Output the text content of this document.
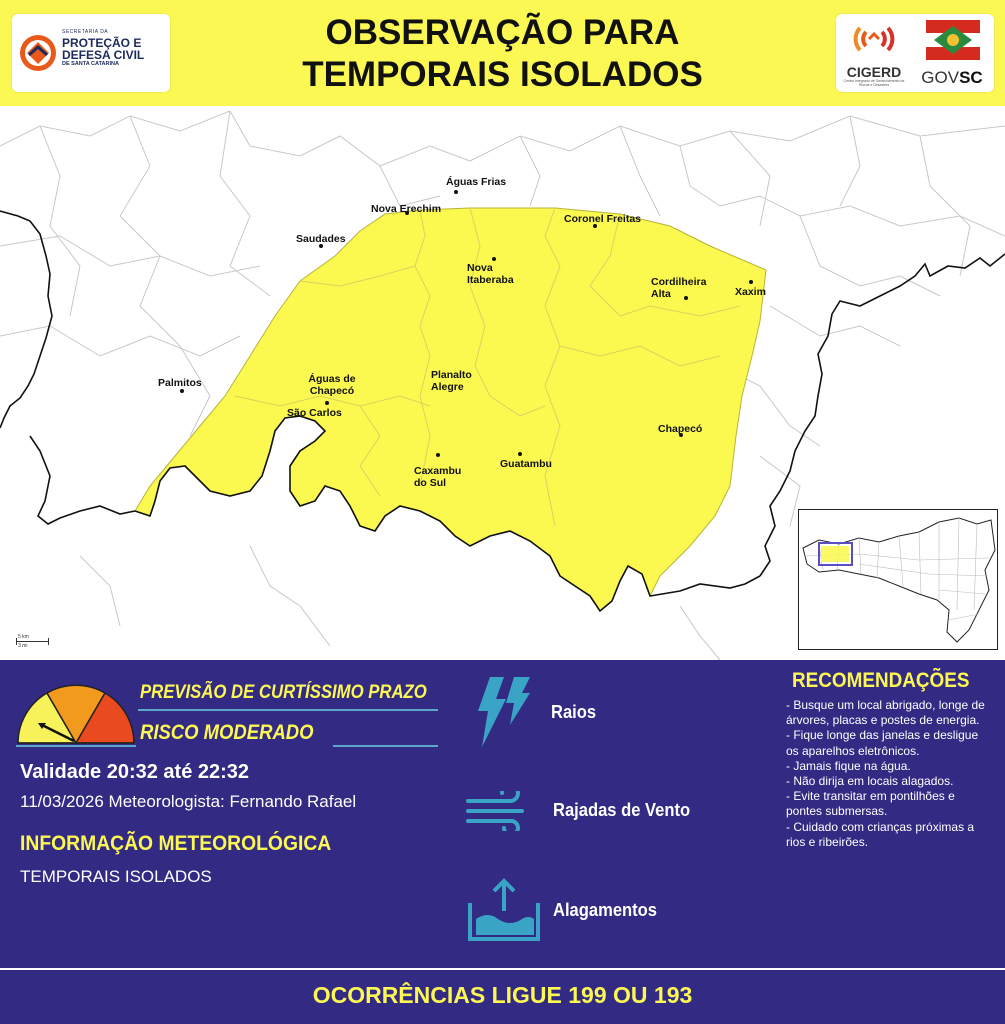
SECRETARIA DA
PROTEÇÃO E
DEFESA CIVIL
DE SANTA CATARINA
OBSERVAÇÃO PARA
TEMPORAIS ISOLADOS	CIGERD
Centro Integrado de Gerenciamento de Riscos e Desastres	GOVSC
Águas Frias
Nova Erechim
Coronel Freitas
Saudades
Nova Itaberaba	Cordilheira Alta	Xaxim
Palmitos	Águas de Chapecó
São Carlos
Planalto Alegre
Chapecó
Guatambu
Caxambu do Sul
5 km
3 mi
PREVISÃO DE CURTÍSSIMO PRAZO
RISCO MODERADO
Validade 20:32 até 22:32
11/03/2026 Meteorologista: Fernando Rafael
INFORMAÇÃO METEOROLÓGICA
TEMPORAIS ISOLADOS
Raios
Rajadas de Vento
Alagamentos
RECOMENDAÇÕES
- Busque um local abrigado, longe de árvores, placas e postes de energia.
- Fique longe das janelas e desligue os aparelhos eletrônicos.
- Jamais fique na água.
- Não dirija em locais alagados.
- Evite transitar em pontilhões e pontes submersas.
- Cuidado com crianças próximas a rios e ribeirões.
OCORRÊNCIAS LIGUE 199 OU 193
